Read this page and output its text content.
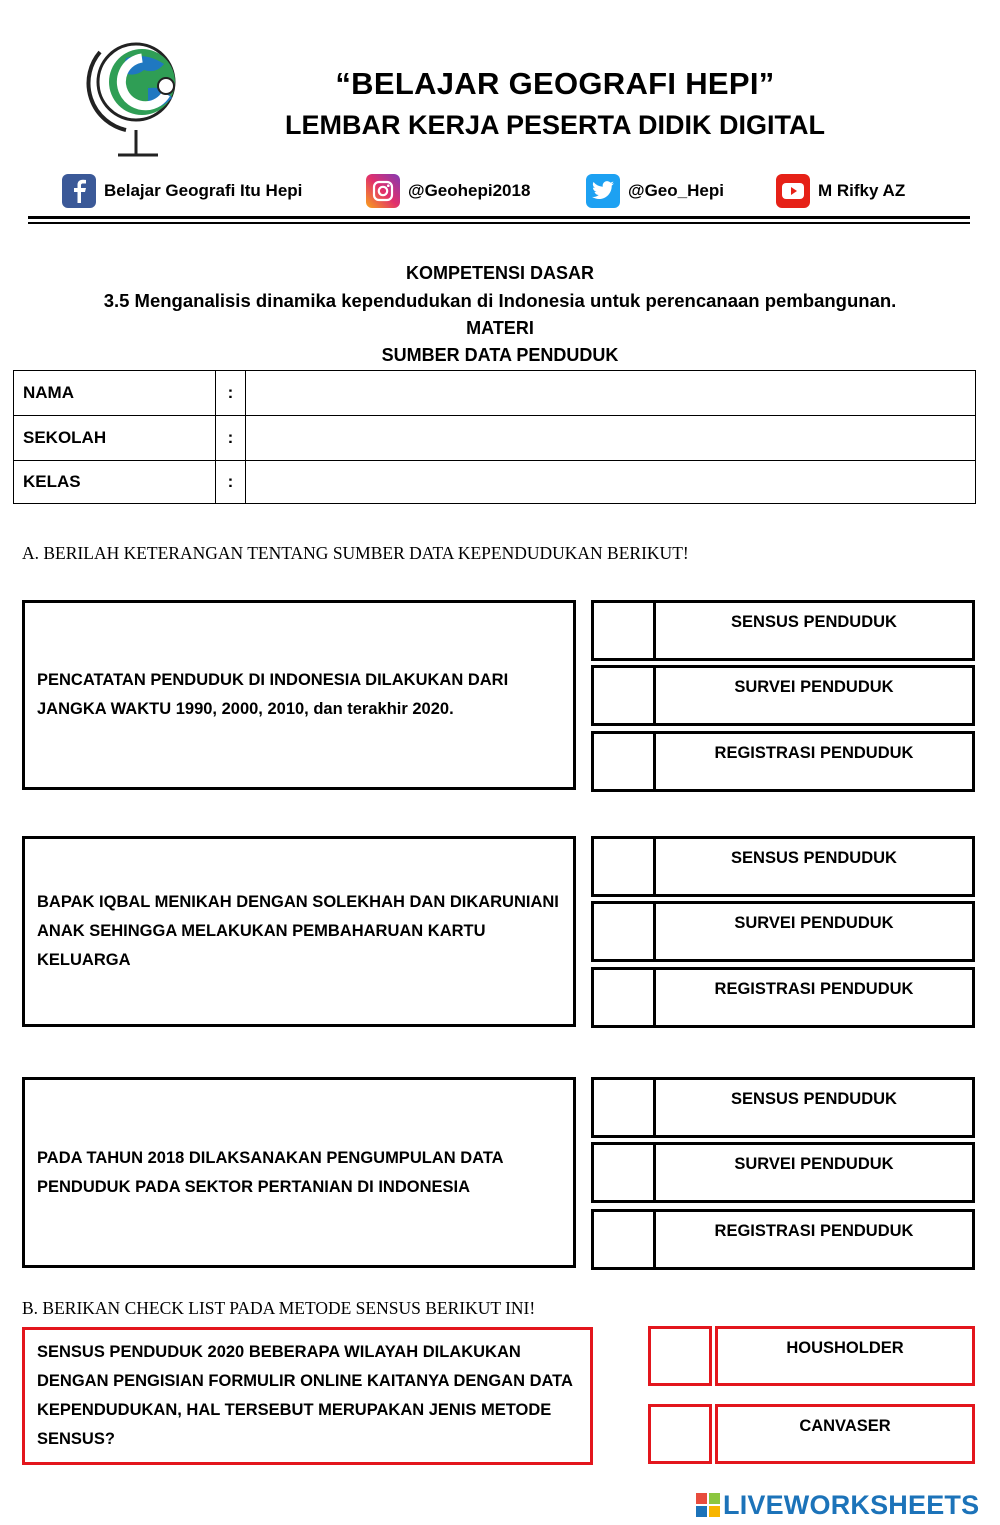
“BELAJAR GEOGRAFI HEPI”
LEMBAR KERJA PESERTA DIDIK DIGITAL
Belajar Geografi Itu Hepi	@Geohepi2018	@Geo_Hepi	M Rifky AZ
KOMPETENSI DASAR
3.5 Menganalisis dinamika kependudukan di Indonesia untuk perencanaan pembangunan.
MATERI
SUMBER DATA PENDUDUK
NAMA	:	
SEKOLAH	:	
KELAS	:	
A. BERILAH KETERANGAN TENTANG SUMBER DATA KEPENDUDUKAN BERIKUT!
PENCATATAN PENDUDUK DI INDONESIA DILAKUKAN DARI JANGKA WAKTU 1990, 2000, 2010, dan terakhir 2020.
SENSUS PENDUDUK
SURVEI PENDUDUK
REGISTRASI PENDUDUK
BAPAK IQBAL MENIKAH DENGAN SOLEKHAH DAN DIKARUNIANI ANAK SEHINGGA MELAKUKAN PEMBAHARUAN KARTU KELUARGA
SENSUS PENDUDUK
SURVEI PENDUDUK
REGISTRASI PENDUDUK
PADA TAHUN 2018 DILAKSANAKAN PENGUMPULAN DATA PENDUDUK PADA SEKTOR PERTANIAN DI INDONESIA
SENSUS PENDUDUK
SURVEI PENDUDUK
REGISTRASI PENDUDUK
B. BERIKAN CHECK LIST PADA METODE SENSUS BERIKUT INI!
SENSUS PENDUDUK 2020 BEBERAPA WILAYAH DILAKUKAN DENGAN PENGISIAN FORMULIR ONLINE KAITANYA DENGAN DATA KEPENDUDUKAN, HAL TERSEBUT MERUPAKAN JENIS METODE SENSUS?
HOUSHOLDER
CANVASER
LIVEWORKSHEETS
